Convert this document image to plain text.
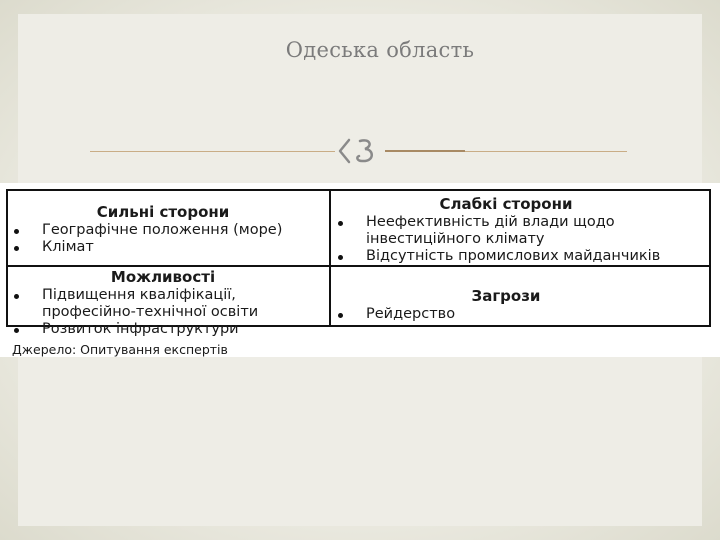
Одеська область
Сильні сторони
Географічне положення (море)
Клімат
Слабкі сторони
Неефективність дій влади щодо інвестиційного клімату
Відсутність промислових майданчиків
Можливості
Підвищення кваліфікації, професійно-технічної освіти
Розвиток інфраструктури
Загрози
Рейдерство
Джерело: Опитування експертів
